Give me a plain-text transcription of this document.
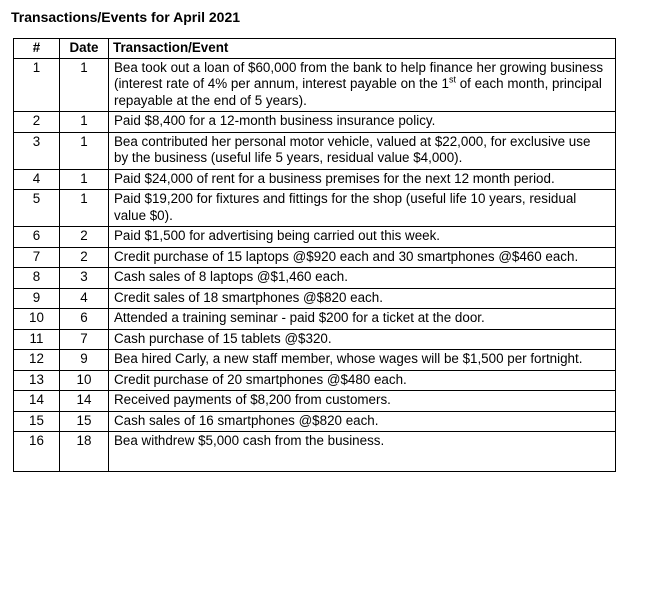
Transactions/Events for April 2021
#	Date	Transaction/Event
1	1	Bea took out a loan of $60,000 from the bank to help finance her growing business (interest rate of 4% per annum, interest payable on the 1st of each month, principal repayable at the end of 5 years).
2	1	Paid $8,400 for a 12-month business insurance policy.
3	1	Bea contributed her personal motor vehicle, valued at $22,000, for exclusive use by the business (useful life 5 years, residual value $4,000).
4	1	Paid $24,000 of rent for a business premises for the next 12 month period.
5	1	Paid $19,200 for fixtures and fittings for the shop (useful life 10 years, residual value $0).
6	2	Paid $1,500 for advertising being carried out this week.
7	2	Credit purchase of 15 laptops @$920 each and 30 smartphones @$460 each.
8	3	Cash sales of 8 laptops @$1,460 each.
9	4	Credit sales of 18 smartphones @$820 each.
10	6	Attended a training seminar - paid $200 for a ticket at the door.
11	7	Cash purchase of 15 tablets @$320.
12	9	Bea hired Carly, a new staff member, whose wages will be $1,500 per fortnight.
13	10	Credit purchase of 20 smartphones @$480 each.
14	14	Received payments of $8,200 from customers.
15	15	Cash sales of 16 smartphones @$820 each.
16	18	Bea withdrew $5,000 cash from the business.
